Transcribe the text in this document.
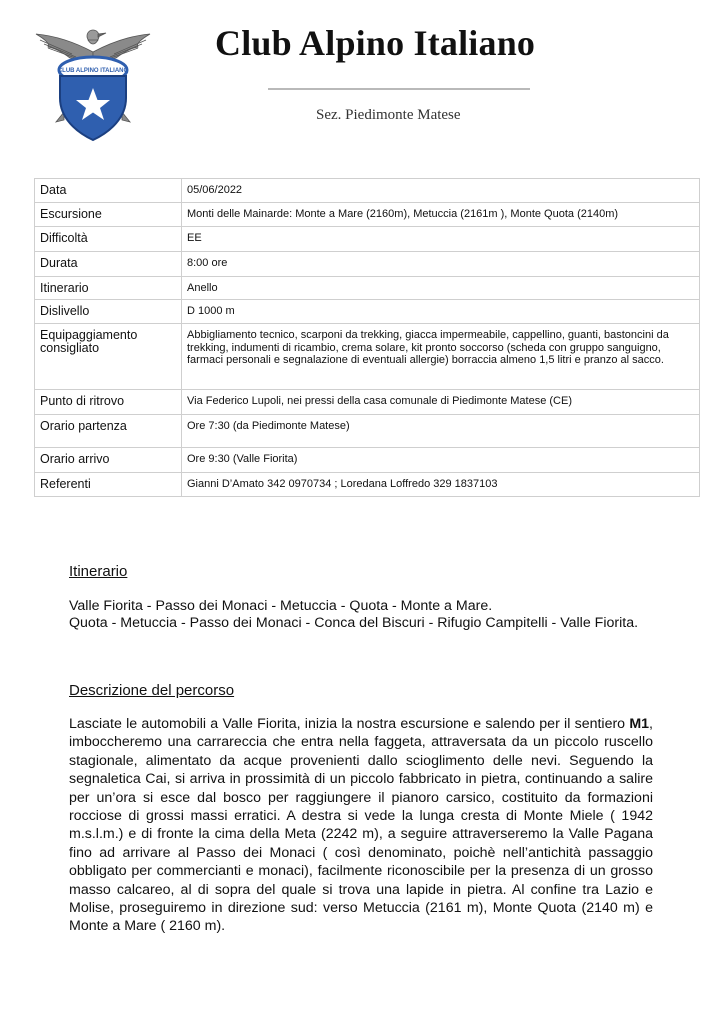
CLUB ALPINO ITALIANO
Club Alpino Italiano
Sez. Piedimonte Matese
Data	05/06/2022
Escursione	Monti delle Mainarde: Monte a Mare (2160m), Metuccia (2161m ), Monte Quota (2140m)
Difficoltà	EE
Durata	8:00 ore
Itinerario	Anello
Dislivello	D 1000 m
Equipaggiamento consigliato	Abbigliamento tecnico, scarponi da trekking, giacca impermeabile, cappellino, guanti, bastoncini da trekking, indumenti di ricambio, crema solare, kit pronto soccorso (scheda con gruppo sanguigno, farmaci personali e segnalazione di eventuali allergie) borraccia almeno 1,5 litri e pranzo al sacco.
Punto di ritrovo	Via Federico Lupoli, nei pressi della casa comunale di Piedimonte Matese (CE)
Orario partenza	Ore 7:30 (da Piedimonte Matese)
Orario arrivo	Ore 9:30 (Valle Fiorita)
Referenti	Gianni D’Amato 342 0970734 ; Loredana Loffredo 329 1837103
Itinerario
Valle Fiorita - Passo dei Monaci - Metuccia - Quota - Monte a Mare.
Quota - Metuccia - Passo dei Monaci - Conca del Biscuri - Rifugio Campitelli - Valle Fiorita.
Descrizione del percorso
Lasciate le automobili a Valle Fiorita, inizia la nostra escursione e salendo per il sentiero M1, imboccheremo una carrareccia che entra nella faggeta, attraversata da un piccolo ruscello stagionale, alimentato da acque provenienti dallo scioglimento delle nevi. Seguendo la segnaletica Cai, si arriva in prossimità di un piccolo fabbricato in pietra, continuando a salire per un’ora si esce dal bosco per raggiungere il pianoro carsico, costituito da formazioni rocciose di grossi massi erratici. A destra si vede la lunga cresta di Monte Miele ( 1942 m.s.l.m.) e di fronte la cima della Meta (2242 m), a seguire attraverseremo la Valle Pagana fino ad arrivare al Passo dei Monaci ( così denominato, poichè nell’antichità passaggio obbligato per commercianti e monaci), facilmente riconoscibile per la presenza di un grosso masso calcareo, al di sopra del quale si trova una lapide in pietra. Al confine tra Lazio e Molise, proseguiremo in direzione sud: verso Metuccia (2161 m), Monte Quota (2140 m) e Monte a Mare ( 2160 m).
